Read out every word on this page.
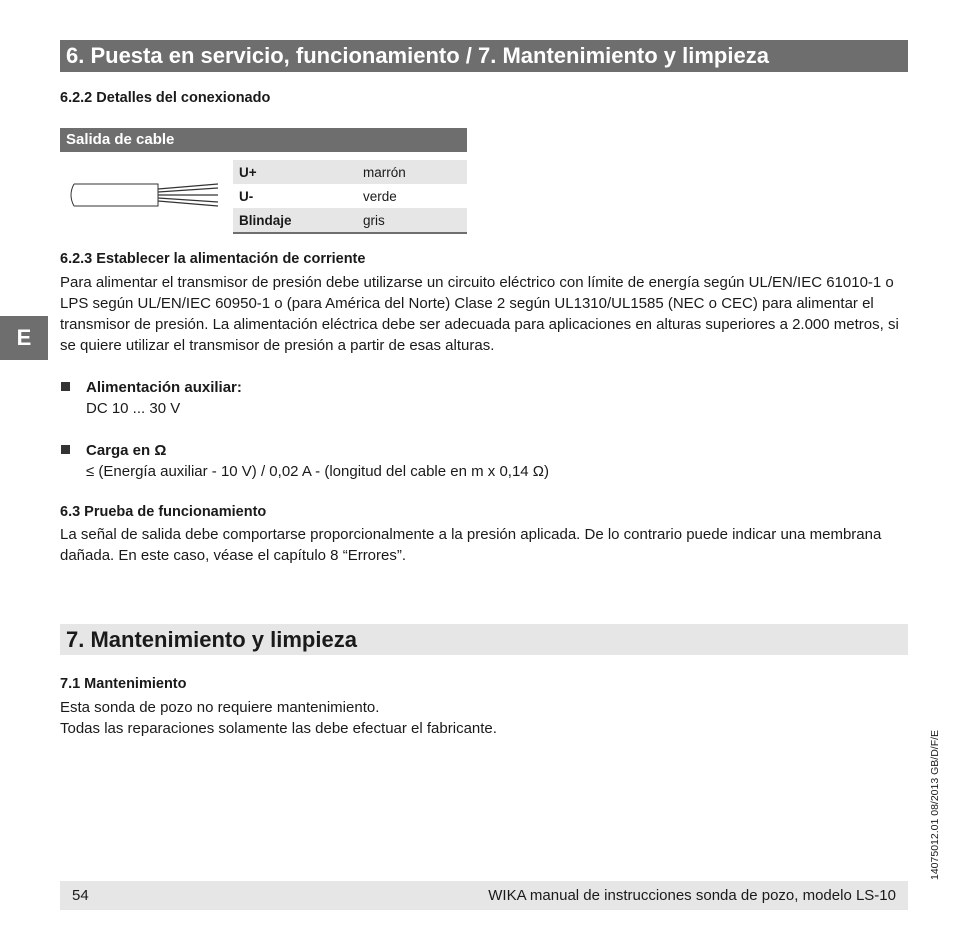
6. Puesta en servicio, funcionamiento / 7. Mantenimiento y limpieza
6.2.2 Detalles del conexionado
Salida de cable
U+	marrón
U-	verde
Blindaje	gris
6.2.3 Establecer la alimentación de corriente
Para alimentar el transmisor de presión debe utilizarse un circuito eléctrico con límite de energía según UL/EN/IEC 61010-1 o LPS según UL/EN/IEC 60950-1 o (para América del Norte) Clase 2 según UL1310/UL1585 (NEC o CEC) para alimentar el transmisor de presión. La alimentación eléctrica debe ser adecuada para aplicaciones en alturas superiores a 2.000 metros, si se quiere utilizar el transmisor de presión a partir de esas alturas.
E
Alimentación auxiliar:
DC 10 ... 30 V
Carga en Ω
≤ (Energía auxiliar - 10 V) / 0,02 A - (longitud del cable en m x 0,14 Ω)
6.3 Prueba de funcionamiento
La señal de salida debe comportarse proporcionalmente a la presión aplicada. De lo contrario puede indicar una membrana dañada. En este caso, véase el capítulo 8 “Errores”.
7. Mantenimiento y limpieza
7.1 Mantenimiento
Esta sonda de pozo no requiere mantenimiento.
Todas las reparaciones solamente las debe efectuar el fabricante.
54	WIKA manual de instrucciones sonda de pozo, modelo LS-10
14075012.01 08/2013 GB/D/F/E
